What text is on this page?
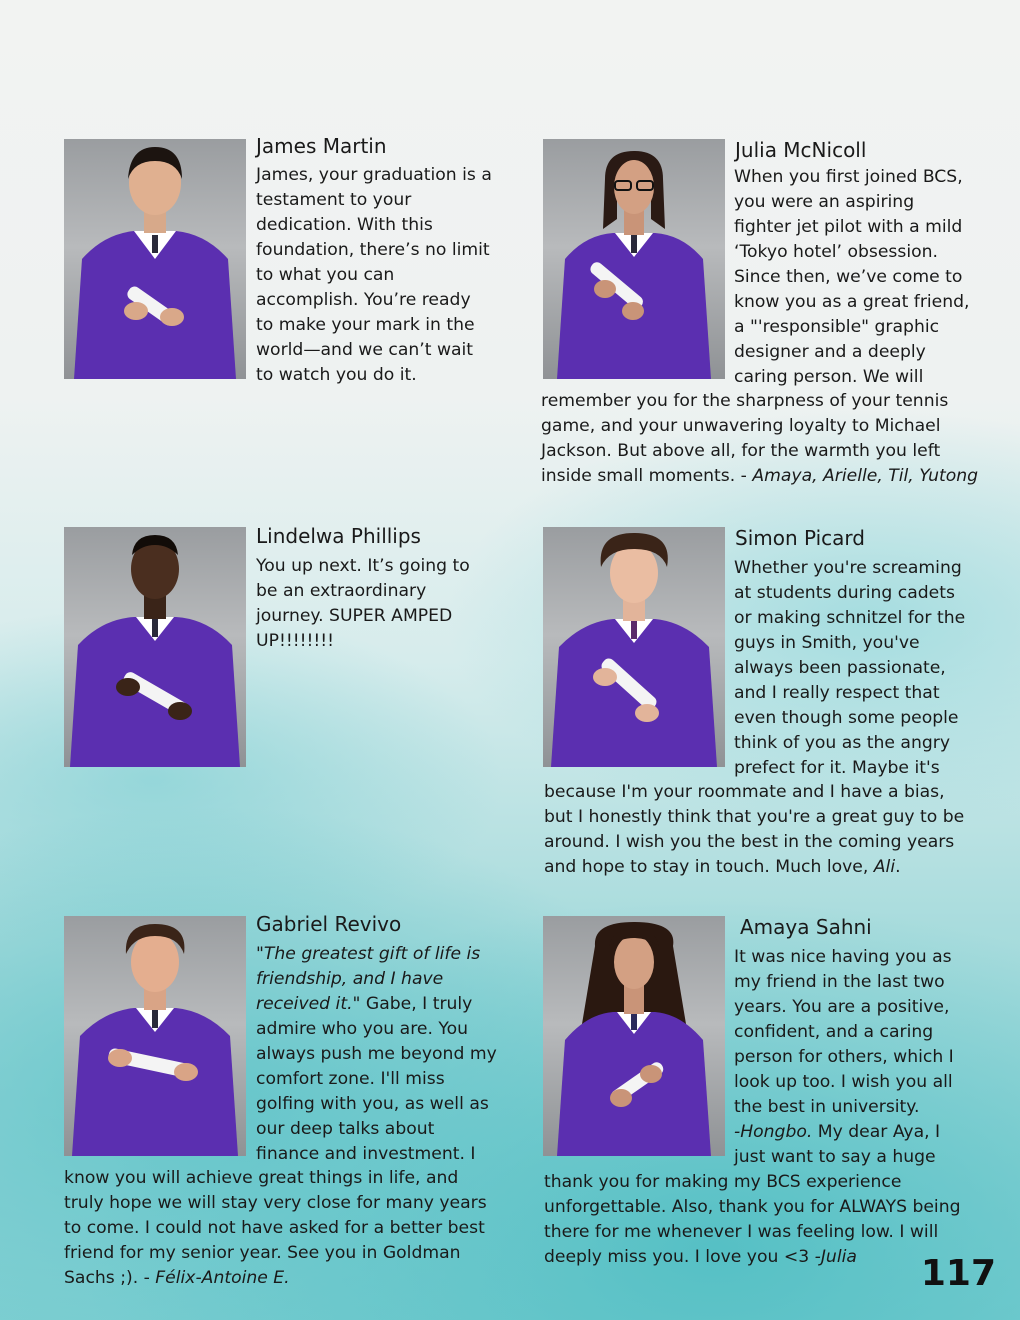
James Martin

James, your graduation is a

testament to your

dedication. With this

foundation, there’s no limit

to what you can

accomplish. You’re ready

to make your mark in the

world—and we can’t wait

to watch you do it.

Julia McNicoll

When you first joined BCS,

you were an aspiring

fighter jet pilot with a mild

‘Tokyo hotel’ obsession.

Since then, we’ve come to

know you as a great friend,

a "'responsible" graphic

designer and a deeply

caring person. We will

remember you for the sharpness of your tennis

game, and your unwavering loyalty to Michael

Jackson. But above all, for the warmth you left

inside small moments. - Amaya, Arielle, Til, Yutong

Lindelwa Phillips

You up next. It’s going to

be an extraordinary

journey. SUPER AMPED

UP!!!!!!!!

Simon Picard

Whether you're screaming

at students during cadets

or making schnitzel for the

guys in Smith, you've

always been passionate,

and I really respect that

even though some people

think of you as the angry

prefect for it. Maybe it's

because I'm your roommate and I have a bias,

but I honestly think that you're a great guy to be

around. I wish you the best in the coming years

and hope to stay in touch. Much love, Ali.

Gabriel Revivo

"The greatest gift of life is

friendship, and I have

received it." Gabe, I truly

admire who you are. You

always push me beyond my

comfort zone. I'll miss

golfing with you, as well as

our deep talks about

finance and investment. I

know you will achieve great things in life, and

truly hope we will stay very close for many years

to come. I could not have asked for a better best

friend for my senior year. See you in Goldman

Sachs ;). - Félix-Antoine E.

Amaya Sahni

It was nice having you as

my friend in the last two

years. You are a positive,

confident, and a caring

person for others, which I

look up too. I wish you all

the best in university.

-Hongbo. My dear Aya, I

just want to say a huge

thank you for making my BCS experience

unforgettable. Also, thank you for ALWAYS being

there for me whenever I was feeling low. I will

deeply miss you. I love you <3 -Julia	117
